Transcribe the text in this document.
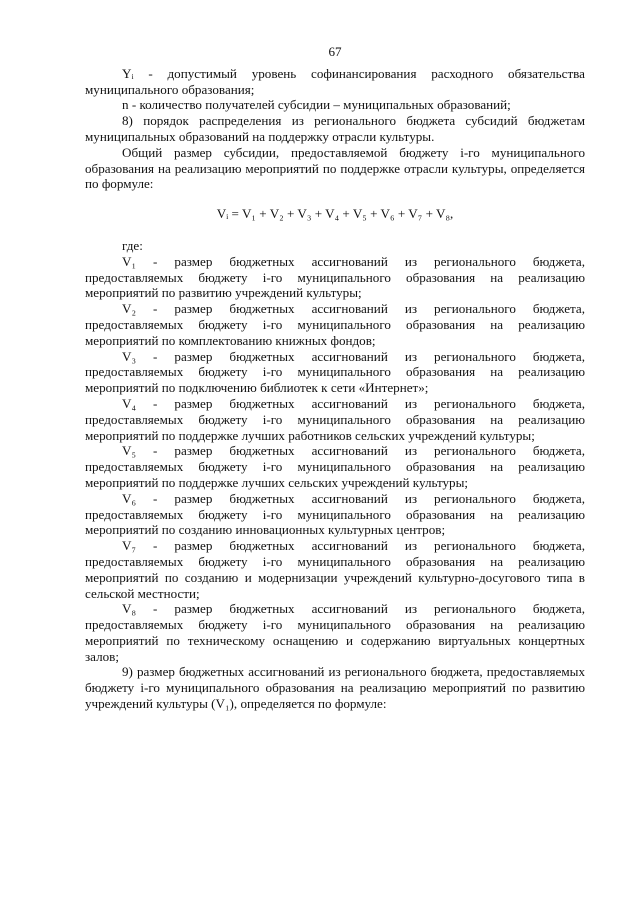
67

Yᵢ - допустимый уровень софинансирования расходного обязательства муниципального образования;

n - количество получателей субсидии – муниципальных образований;

8) порядок распределения из регионального бюджета субсидий бюджетам муниципальных образований на поддержку отрасли культуры.

Общий размер субсидии, предоставляемой бюджету i-го муниципального образования на реализацию мероприятий по поддержке отрасли культуры, определяется по формуле:

Vᵢ = V₁ + V₂ + V₃ + V₄ + V₅ + V₆ + V₇ + V₈,

где:

V₁ - размер бюджетных ассигнований из регионального бюджета, предоставляемых бюджету i-го муниципального образования на реализацию мероприятий по развитию учреждений культуры;

V₂ - размер бюджетных ассигнований из регионального бюджета, предоставляемых бюджету i-го муниципального образования на реализацию мероприятий по комплектованию книжных фондов;

V₃ - размер бюджетных ассигнований из регионального бюджета, предоставляемых бюджету i-го муниципального образования на реализацию мероприятий по подключению библиотек к сети «Интернет»;

V₄ - размер бюджетных ассигнований из регионального бюджета, предоставляемых бюджету i-го муниципального образования на реализацию мероприятий по поддержке лучших работников сельских учреждений культуры;

V₅ - размер бюджетных ассигнований из регионального бюджета, предоставляемых бюджету i-го муниципального образования на реализацию мероприятий по поддержке лучших сельских учреждений культуры;

V₆ - размер бюджетных ассигнований из регионального бюджета, предоставляемых бюджету i-го муниципального образования на реализацию мероприятий по созданию инновационных культурных центров;

V₇ - размер бюджетных ассигнований из регионального бюджета, предоставляемых бюджету i-го муниципального образования на реализацию мероприятий по созданию и модернизации учреждений культурно-досугового типа в сельской местности;

V₈ - размер бюджетных ассигнований из регионального бюджета, предоставляемых бюджету i-го муниципального образования на реализацию мероприятий по техническому оснащению и содержанию виртуальных концертных залов;

9) размер бюджетных ассигнований из регионального бюджета, предоставляемых бюджету i-го муниципального образования на реализацию мероприятий по развитию учреждений культуры (V₁), определяется по формуле:
